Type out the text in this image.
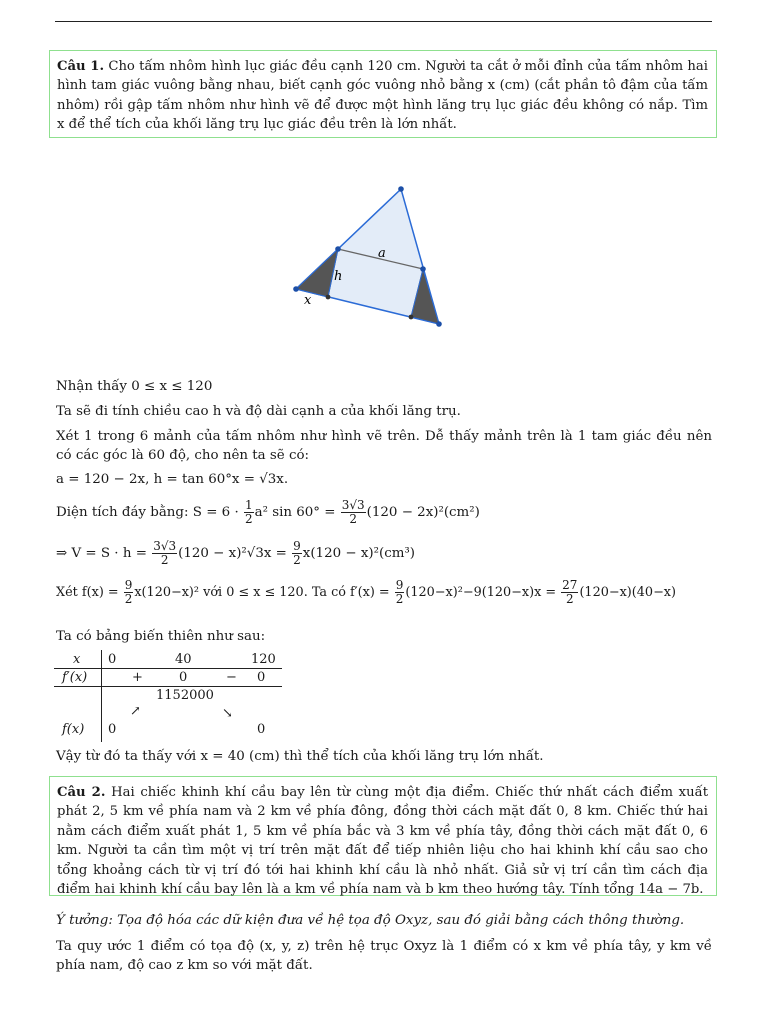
Câu 1. Cho tấm nhôm hình lục giác đều cạnh 120 cm. Người ta cắt ở mỗi đỉnh của tấm nhôm hai hình tam giác vuông bằng nhau, biết cạnh góc vuông nhỏ bằng x (cm) (cắt phần tô đậm của tấm nhôm) rồi gập tấm nhôm như hình vẽ để được một hình lăng trụ lục giác đều không có nắp. Tìm x để thể tích của khối lăng trụ lục giác đều trên là lớn nhất.
a
h
x
Nhận thấy 0 ≤ x ≤ 120
Ta sẽ đi tính chiều cao h và độ dài cạnh a của khối lăng trụ.
Xét 1 trong 6 mảnh của tấm nhôm như hình vẽ trên. Dễ thấy mảnh trên là 1 tam giác đều nên có các góc là 60 độ, cho nên ta sẽ có:
a = 120 − 2x, h = tan 60°x = √3x.
Diện tích đáy bằng: $S = 6 \cdot \frac{1}{2} a^2$ $\sin 60^\circ = \frac{3√3}{2} (120 - 2x)^2(cm^2)$
⇒ $V = S \cdot h = \frac{3√3}{2} (120 - x)^2√3x = \frac{9}{2} x(120 - x)^2(cm^3)$
Xét $f(x) = \frac{9}{2} x(120-x)^2$ với 0 ≤ x ≤ 120. Ta có $f'(x) = \frac{9}{2} (120-x)^2-9(120-x)x = \frac{27}{2} (120-x)(40-x)$
Ta có bảng biến thiên như sau:
x 0	40	120
f′(x)	+	0	− 0
1152000
↗	↘
f(x) 0	0
Vậy từ đó ta thấy với x = 40 (cm) thì thể tích của khối lăng trụ lớn nhất.
Câu 2. Hai chiếc khinh khí cầu bay lên từ cùng một địa điểm. Chiếc thứ nhất cách điểm xuất phát 2, 5 km về phía nam và 2 km về phía đông, đồng thời cách mặt đất 0, 8 km. Chiếc thứ hai nằm cách điểm xuất phát 1, 5 km về phía bắc và 3 km về phía tây, đồng thời cách mặt đất 0, 6 km. Người ta cần tìm một vị trí trên mặt đất để tiếp nhiên liệu cho hai khinh khí cầu sao cho tổng khoảng cách từ vị trí đó tới hai khinh khí cầu là nhỏ nhất. Giả sử vị trí cần tìm cách địa điểm hai khinh khí cầu bay lên là a km về phía nam và b km theo hướng tây. Tính tổng 14a − 7b.
Ý tưởng: Tọa độ hóa các dữ kiện đưa về hệ tọa độ Oxyz, sau đó giải bằng cách thông thường.
Ta quy ước 1 điểm có tọa độ (x, y, z) trên hệ trục Oxyz là 1 điểm có x km về phía tây, y km về phía nam, độ cao z km so với mặt đất.
